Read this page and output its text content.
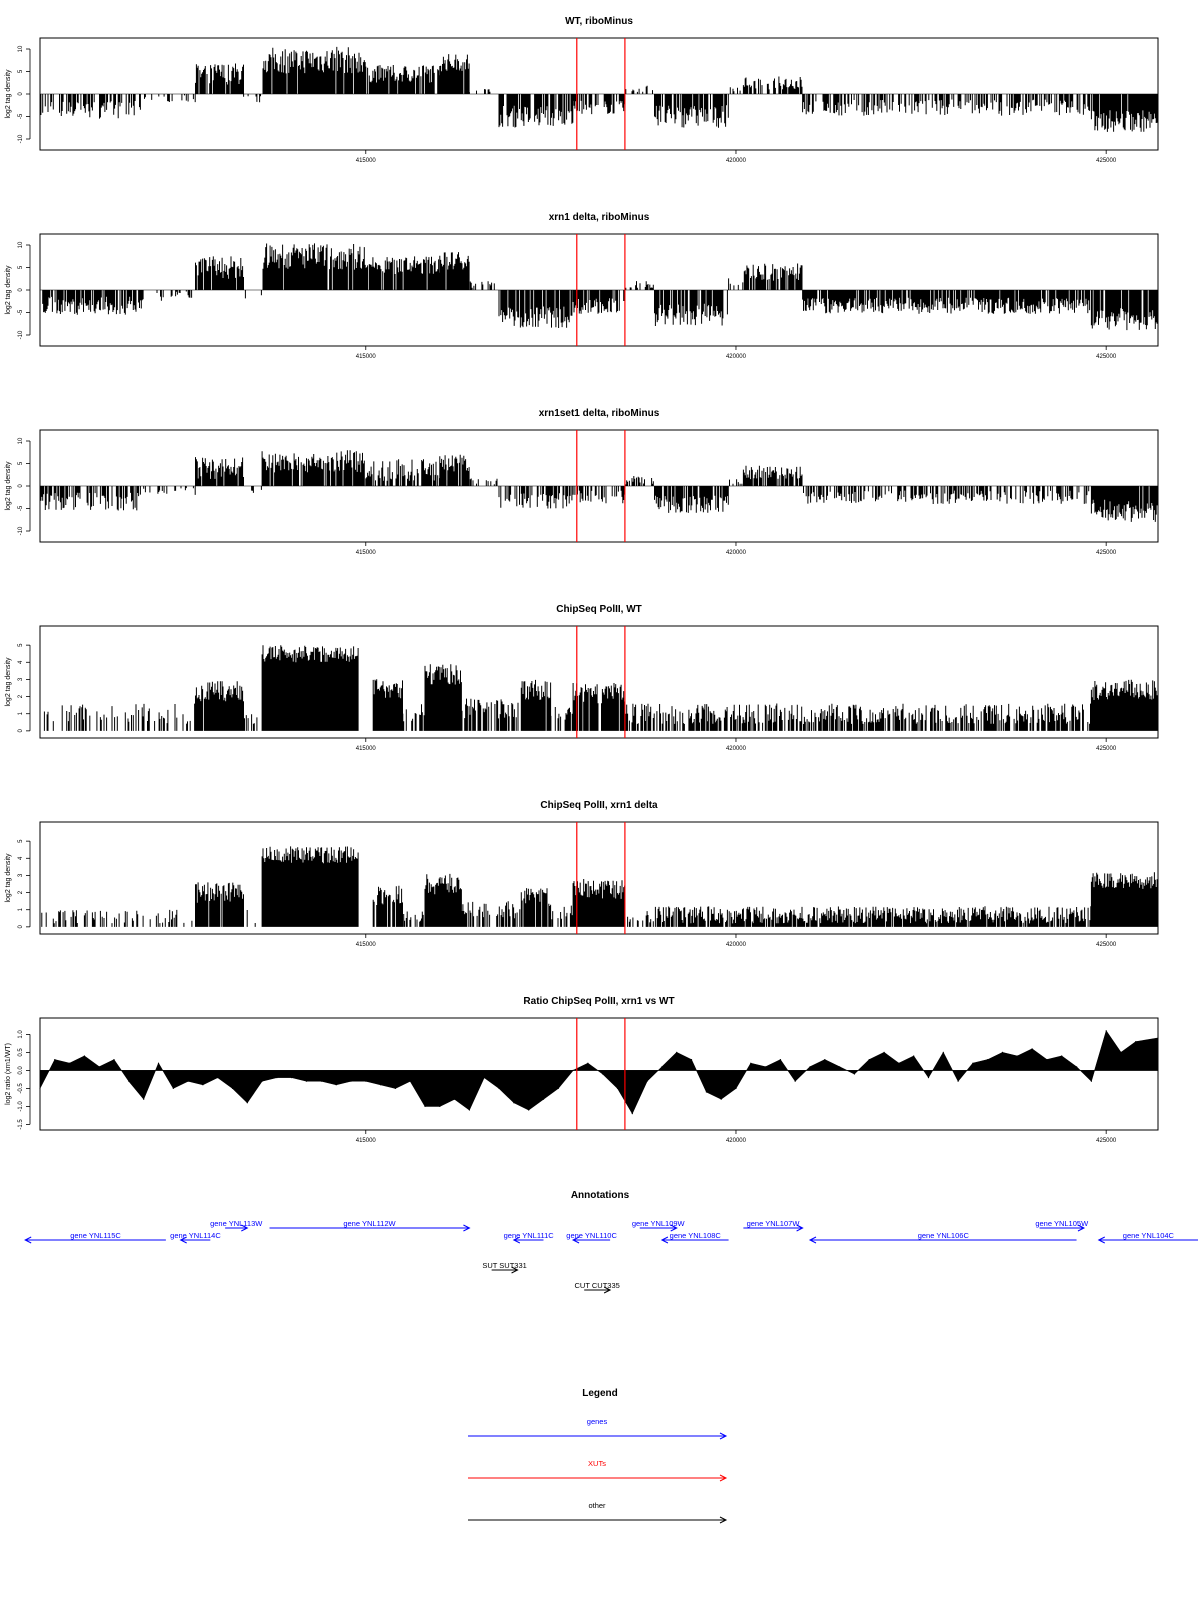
WT, riboMinus
-10
-5
0
5
10
log2 tag density
415000	420000	425000
xrn1 delta, riboMinus
-10
-5
0
5
10
log2 tag density
415000	420000	425000
xrn1set1 delta, riboMinus
-10
-5
0
5
10
log2 tag density
415000	420000	425000
ChipSeq PolII, WT
0
1
2
3
4
5
log2 tag density
415000	420000	425000
ChipSeq PolII, xrn1 delta
0
1
2
3
4
5
log2 tag density
415000	420000	425000
Ratio ChipSeq PolII, xrn1 vs WT
-1.5
-1.0
-0.5
0.0
0.5
1.0
log2 ratio (xrn1/WT)
415000	420000	425000
Annotations
gene YNL115C
gene YNL113W
gene YNL114C
gene YNL112W
gene YNL111C gene YNL110C
gene YNL109W
gene YNL108C
gene YNL107W
gene YNL106C
gene YNL105W
gene YNL104C
SUT SUT331
CUT CUT335
Legend
genes
XUTs
other
